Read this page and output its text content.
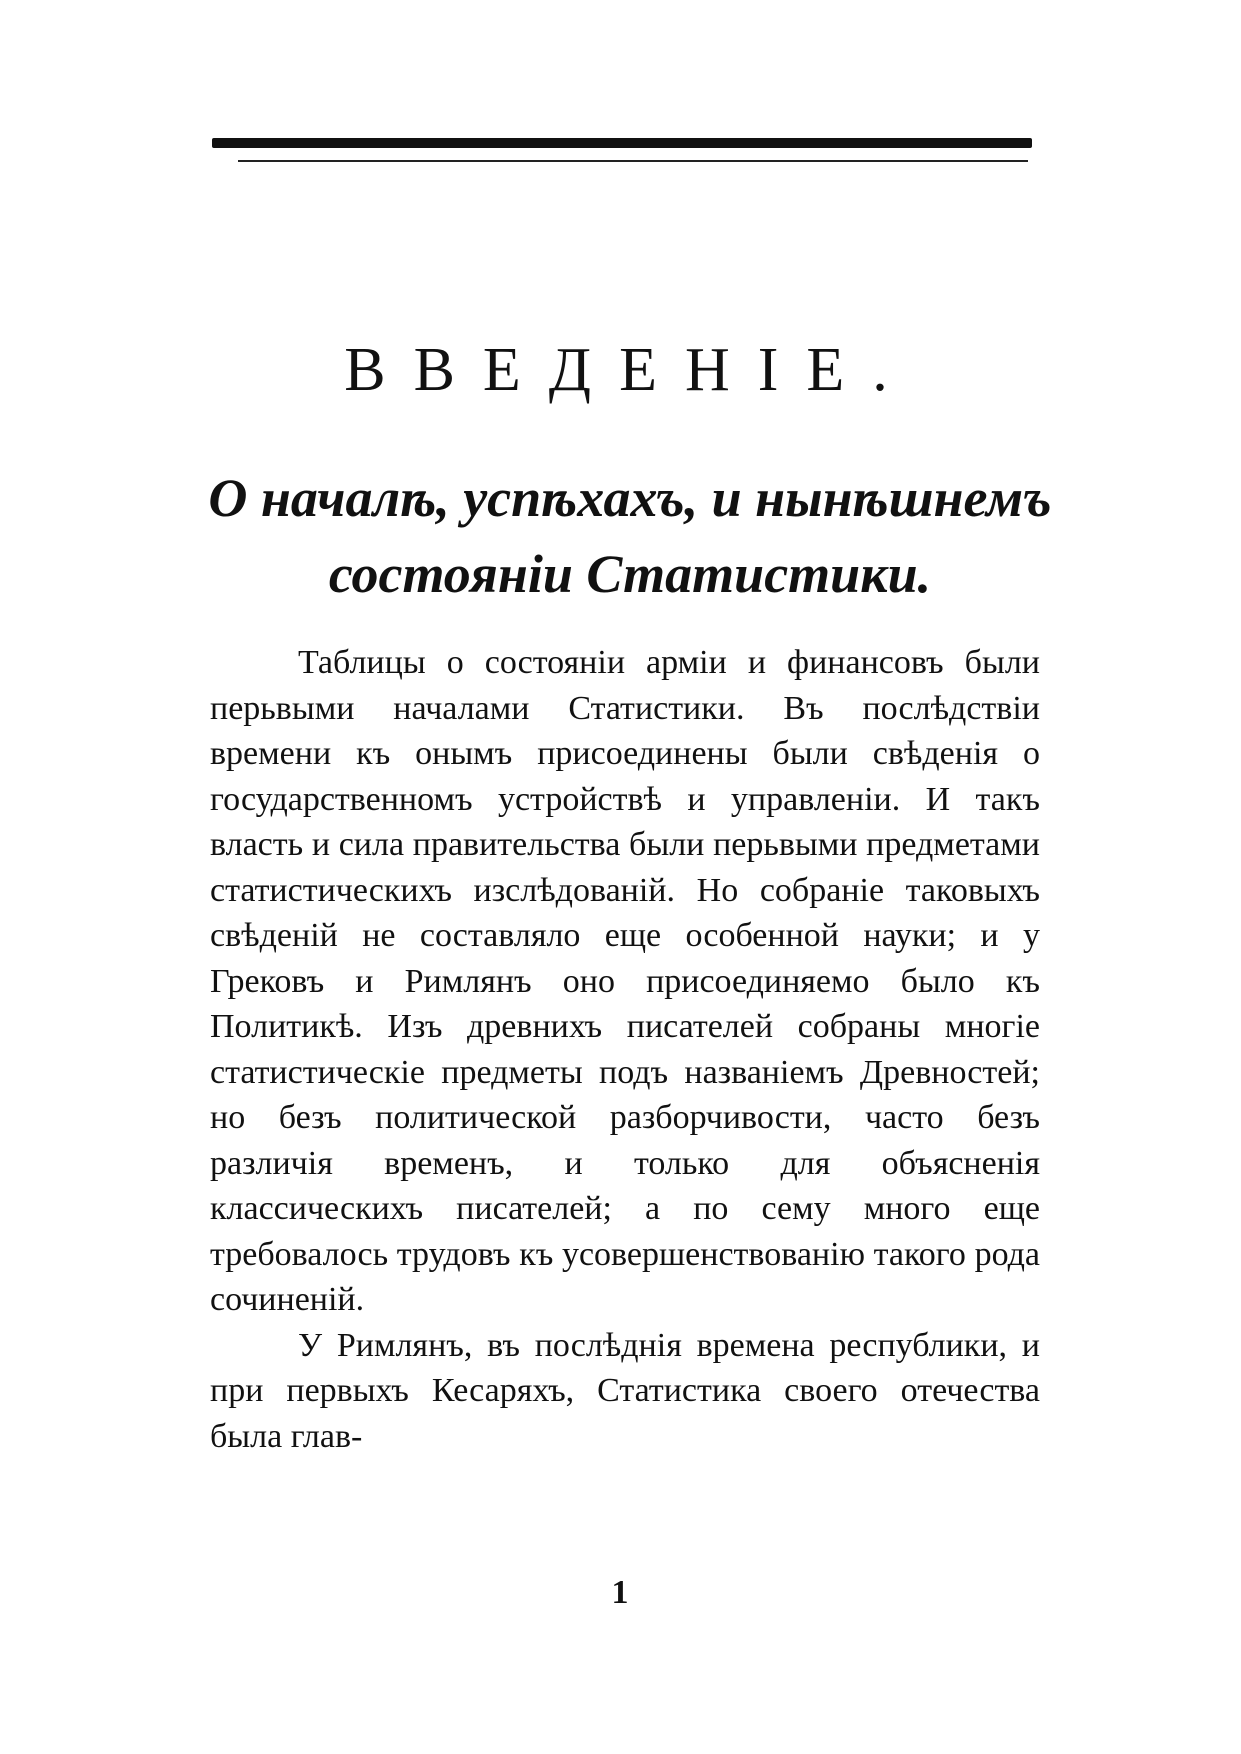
ВВЕДЕНІЕ.
О началѣ, успѣхахъ, и нынѣшнемъ состояніи Статистики.

Таблицы о состояніи арміи и финансовъ были перьвыми началами Статистики. Въ послѣдствіи времени къ онымъ присоединены были свѣденія о государственномъ устройствѣ и управленіи. И такъ власть и сила правительства были перьвыми предметами статистическихъ изслѣдованій. Но собраніе таковыхъ свѣденій не составляло еще особенной науки; и у Грековъ и Римлянъ оно присоединяемо было къ Политикѣ. Изъ древнихъ писателей собраны многіе статистическіе предметы подъ названіемъ Древностей; но безъ политической разборчивости, часто безъ различія временъ, и только для объясненія классическихъ писателей; а по сему много еще требовалось трудовъ къ усовершенствованію такого рода сочиненій.

У Римлянъ, въ послѣднія времена республики, и при первыхъ Кесаряхъ, Статистика своего отечества была глав-

1
